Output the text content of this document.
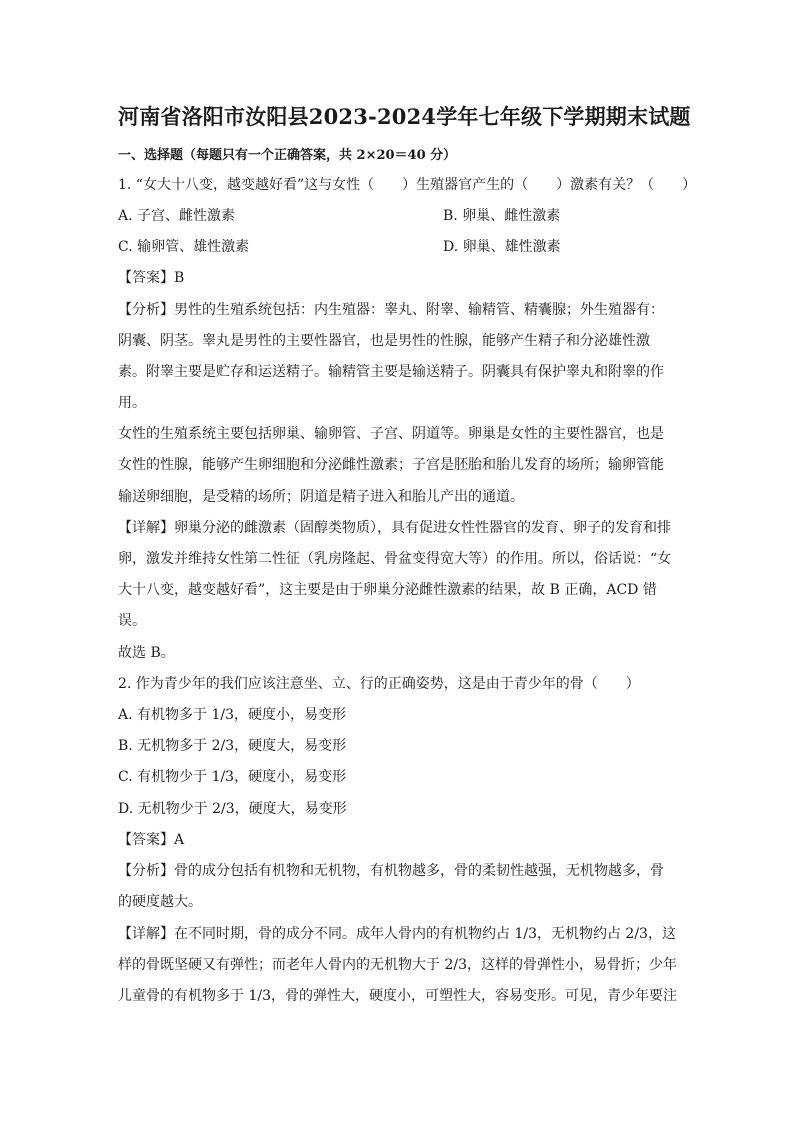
河南省洛阳市汝阳县2023-2024学年七年级下学期期末试题
一、选择题（每题只有一个正确答案，共 2×20＝40 分）
1. “女大十八变，越变越好看”这与女性（　　）生殖器官产生的（　　）激素有关？（　　）
A. 子宫、雌性激素	B. 卵巢、雌性激素
C. 输卵管、雄性激素	D. 卵巢、雄性激素
【答案】B
【分析】男性的生殖系统包括：内生殖器：睾丸、附睾、输精管、精囊腺；外生殖器有：
阴囊、阴茎。睾丸是男性的主要性器官，也是男性的性腺，能够产生精子和分泌雄性激
素。附睾主要是贮存和运送精子。输精管主要是输送精子。阴囊具有保护睾丸和附睾的作
用。
女性的生殖系统主要包括卵巢、输卵管、子宫、阴道等。卵巢是女性的主要性器官，也是
女性的性腺，能够产生卵细胞和分泌雌性激素；子宫是胚胎和胎儿发育的场所；输卵管能
输送卵细胞，是受精的场所；阴道是精子进入和胎儿产出的通道。
【详解】卵巢分泌的雌激素（固醇类物质），具有促进女性性器官的发育、卵子的发育和排
卵，激发并维持女性第二性征（乳房隆起、骨盆变得宽大等）的作用。所以，俗话说：“女
大十八变，越变越好看”，这主要是由于卵巢分泌雌性激素的结果，故 B 正确，ACD 错
误。
故选 B。
2. 作为青少年的我们应该注意坐、立、行的正确姿势，这是由于青少年的骨（　　）
A. 有机物多于 1/3，硬度小，易变形
B. 无机物多于 2/3，硬度大，易变形
C. 有机物少于 1/3，硬度小，易变形
D. 无机物少于 2/3，硬度大，易变形
【答案】A
【分析】骨的成分包括有机物和无机物，有机物越多，骨的柔韧性越强，无机物越多，骨
的硬度越大。
【详解】在不同时期，骨的成分不同。成年人骨内的有机物约占 1/3，无机物约占 2/3，这
样的骨既坚硬又有弹性；而老年人骨内的无机物大于 2/3，这样的骨弹性小，易骨折；少年
儿童骨的有机物多于 1/3，骨的弹性大，硬度小，可塑性大，容易变形。可见，青少年要注
